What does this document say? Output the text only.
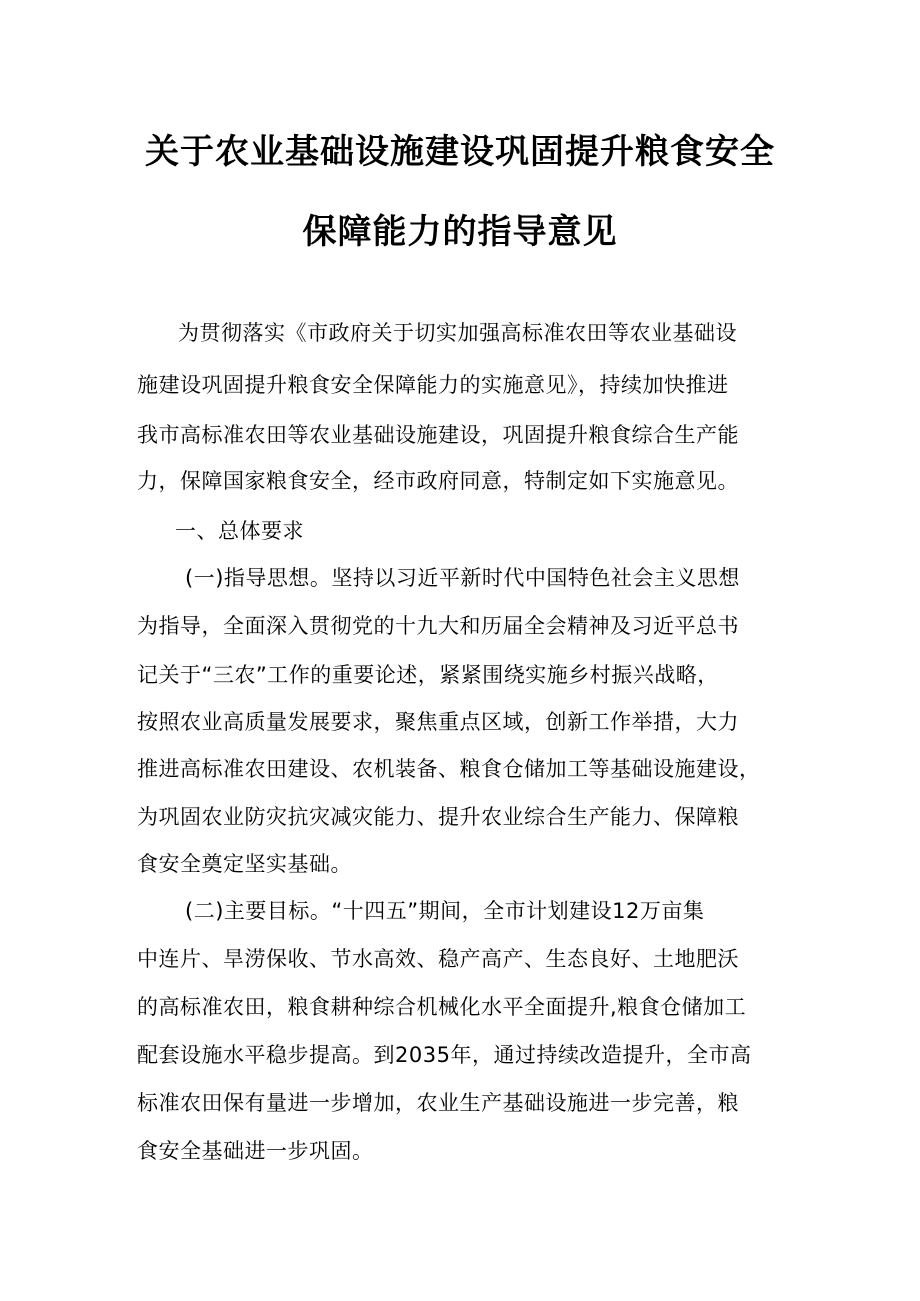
关于农业基础设施建设巩固提升粮食安全
保障能力的指导意见
为贯彻落实《市政府关于切实加强高标准农田等农业基础设
施建设巩固提升粮食安全保障能力的实施意见》，持续加快推进
我市高标准农田等农业基础设施建设，巩固提升粮食综合生产能
力，保障国家粮食安全，经市政府同意，特制定如下实施意见。
一、总体要求
(一)指导思想。坚持以习近平新时代中国特色社会主义思想
为指导，全面深入贯彻党的十九大和历届全会精神及习近平总书
记关于“三农”工作的重要论述，紧紧围绕实施乡村振兴战略，
按照农业高质量发展要求，聚焦重点区域，创新工作举措，大力
推进高标准农田建设、农机装备、粮食仓储加工等基础设施建设，
为巩固农业防灾抗灾减灾能力、提升农业综合生产能力、保障粮
食安全奠定坚实基础。
(二)主要目标。“十四五”期间，全市计划建设12万亩集
中连片、旱涝保收、节水高效、稳产高产、生态良好、土地肥沃
的高标准农田，粮食耕种综合机械化水平全面提升,粮食仓储加工
配套设施水平稳步提高。到2035年，通过持续改造提升，全市高
标准农田保有量进一步增加，农业生产基础设施进一步完善，粮
食安全基础进一步巩固。
